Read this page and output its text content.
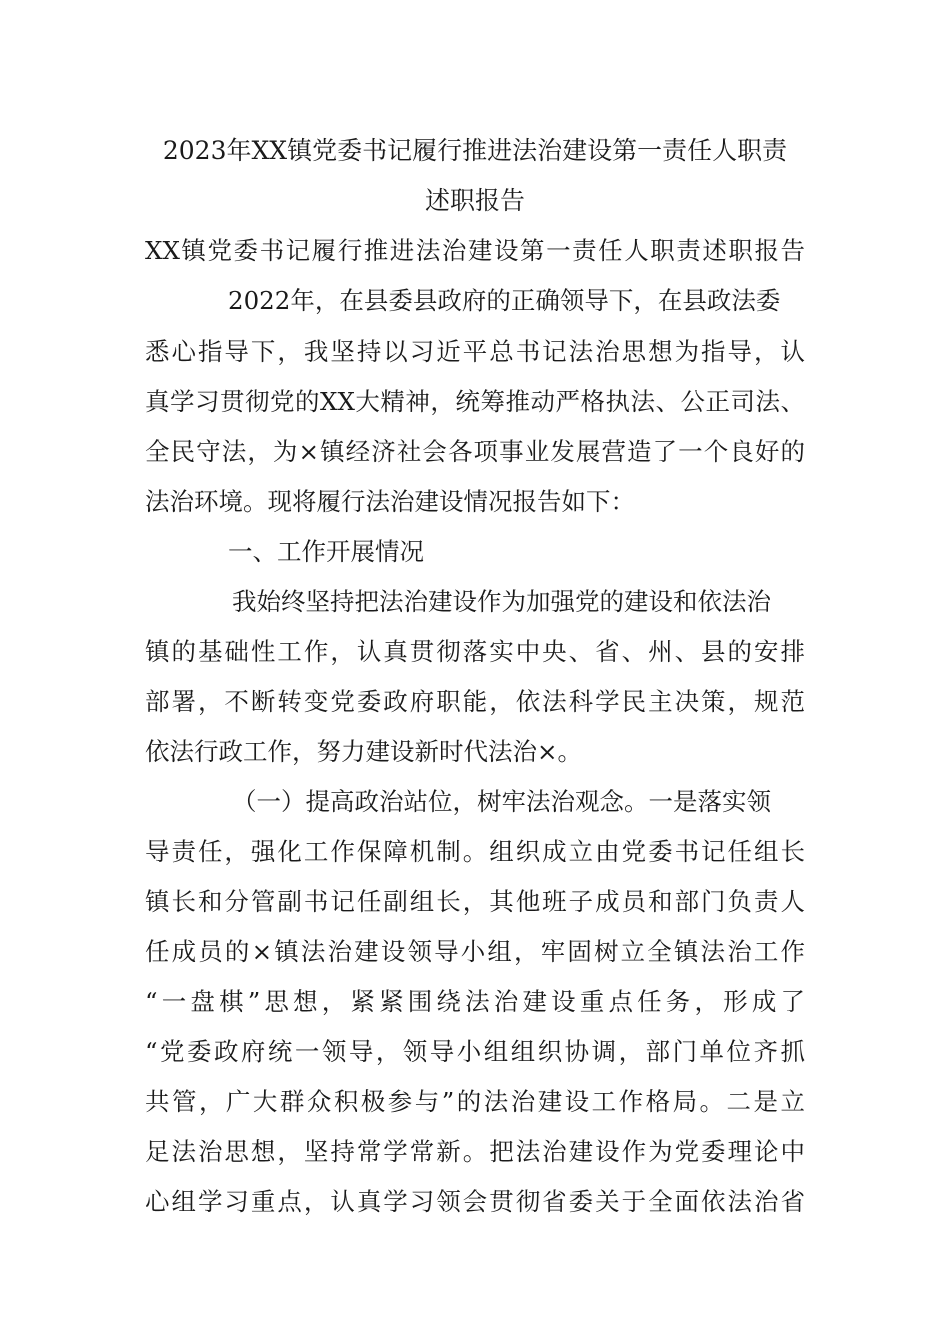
2023年XX镇党委书记履行推进法治建设第一责任人职责
述职报告
XX镇党委书记履行推进法治建设第一责任人职责述职报告
2022年，在县委县政府的正确领导下，在县政法委
悉心指导下，我坚持以习近平总书记法治思想为指导，认
真学习贯彻党的XX大精神，统筹推动严格执法、公正司法、
全民守法，为×镇经济社会各项事业发展营造了一个良好的
法治环境。现将履行法治建设情况报告如下：
一、工作开展情况
我始终坚持把法治建设作为加强党的建设和依法治
镇的基础性工作，认真贯彻落实中央、省、州、县的安排
部署，不断转变党委政府职能，依法科学民主决策，规范
依法行政工作，努力建设新时代法治×。
（一）提高政治站位，树牢法治观念。一是落实领
导责任，强化工作保障机制。组织成立由党委书记任组长
镇长和分管副书记任副组长，其他班子成员和部门负责人
任成员的×镇法治建设领导小组，牢固树立全镇法治工作
“一盘棋”思想，紧紧围绕法治建设重点任务，形成了
“党委政府统一领导，领导小组组织协调，部门单位齐抓
共管，广大群众积极参与”的法治建设工作格局。二是立
足法治思想，坚持常学常新。把法治建设作为党委理论中
心组学习重点，认真学习领会贯彻省委关于全面依法治省
